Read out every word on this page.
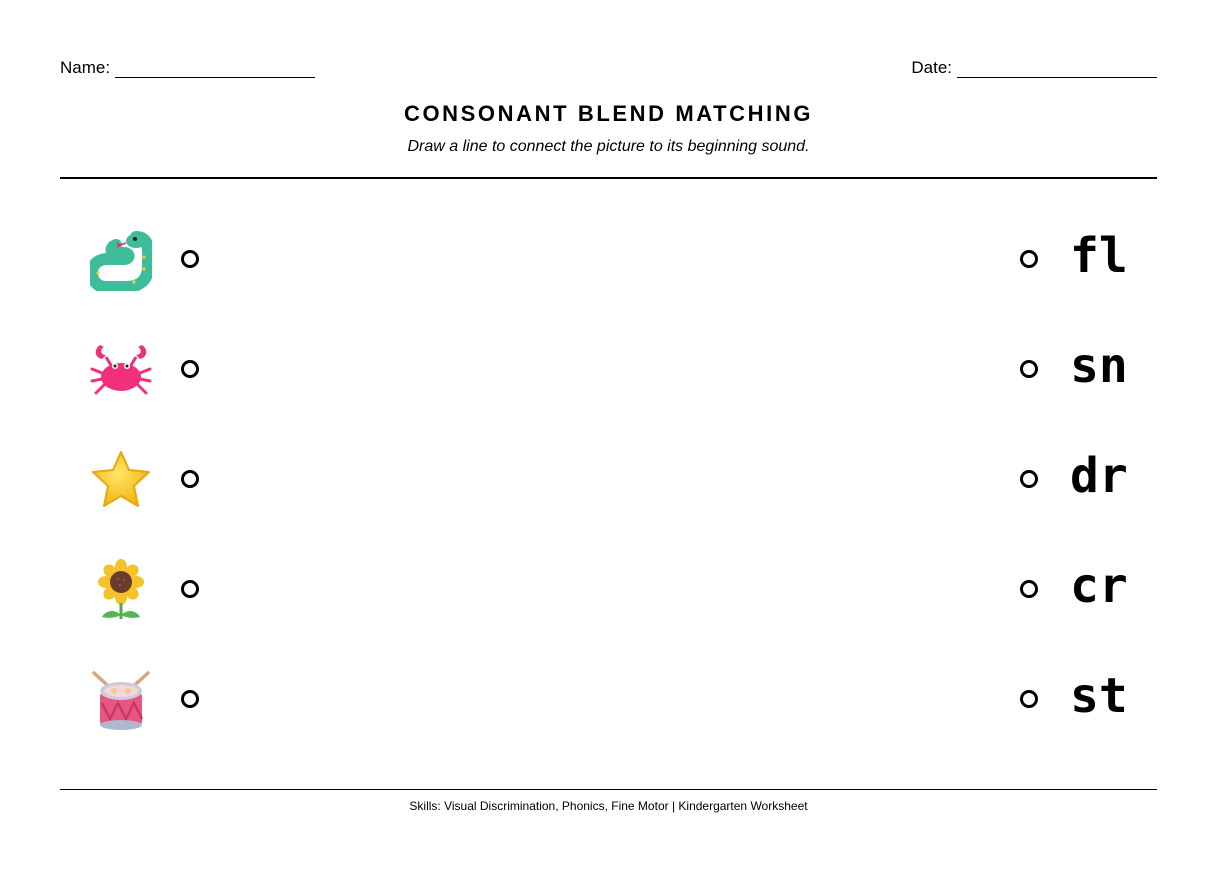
Name:	Date:
CONSONANT BLEND MATCHING
Draw a line to connect the picture to its beginning sound.
fl
sn
dr
cr
st
Skills: Visual Discrimination, Phonics, Fine Motor | Kindergarten Worksheet
